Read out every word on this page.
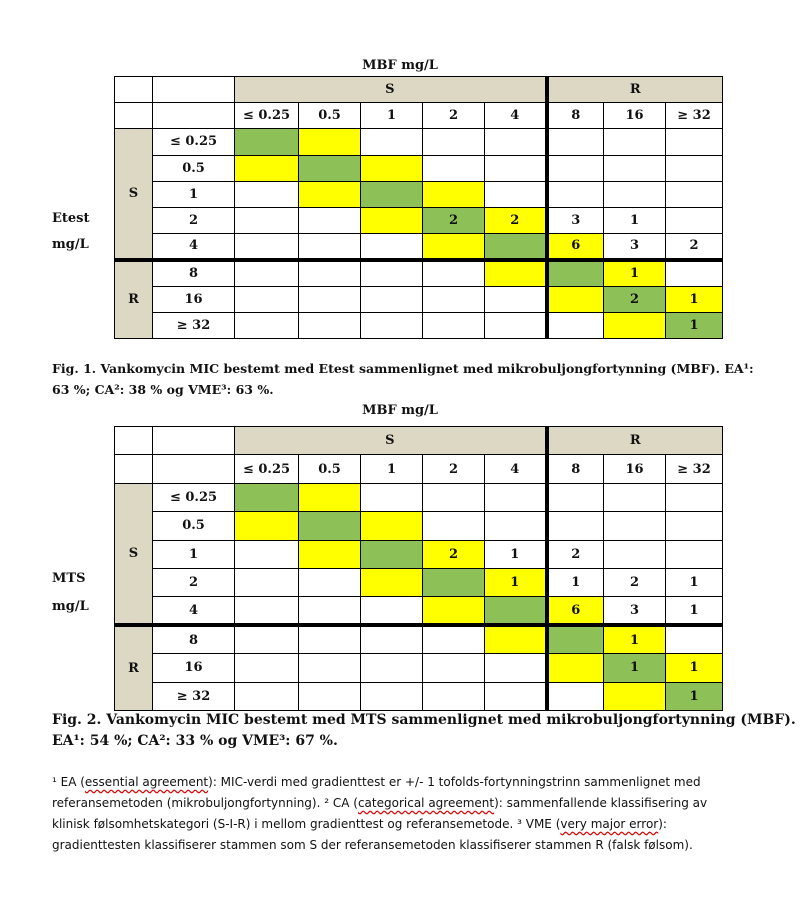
MBF mg/L
Etest
mg/L
		S					R		
		≤ 0.25	0.5	1	2	4	8	16	≥ 32
S	≤ 0.25								
	0.5								
	1								
	2				2	2	3	1	
	4						6	3	2
R	8							1	
	16							2	1
	≥ 32								1
Fig. 1. Vankomycin MIC bestemt med Etest sammenlignet med mikrobuljongfortynning (MBF). EA¹: 63 %; CA²: 38 % og VME³: 63 %.
MBF mg/L
MTS
mg/L
		S					R		
		≤ 0.25	0.5	1	2	4	8	16	≥ 32
S	≤ 0.25								
	0.5								
	1				2	1	2		
	2					1	1	2	1
	4						6	3	1
R	8							1	
	16							1	1
	≥ 32								1
Fig. 2. Vankomycin MIC bestemt med MTS sammenlignet med mikrobuljongfortynning (MBF).
EA¹: 54 %; CA²: 33 % og VME³: 67 %.
¹ EA (essential agreement): MIC-verdi med gradienttest er +/- 1 tofolds-fortynningstrinn sammenlignet med
referansemetoden (mikrobuljongfortynning). ² CA (categorical agreement): sammenfallende klassifisering av
klinisk følsomhetskategori (S-I-R) i mellom gradienttest og referansemetode. ³ VME (very major error):
gradienttesten klassifiserer stammen som S der referansemetoden klassifiserer stammen R (falsk følsom).
